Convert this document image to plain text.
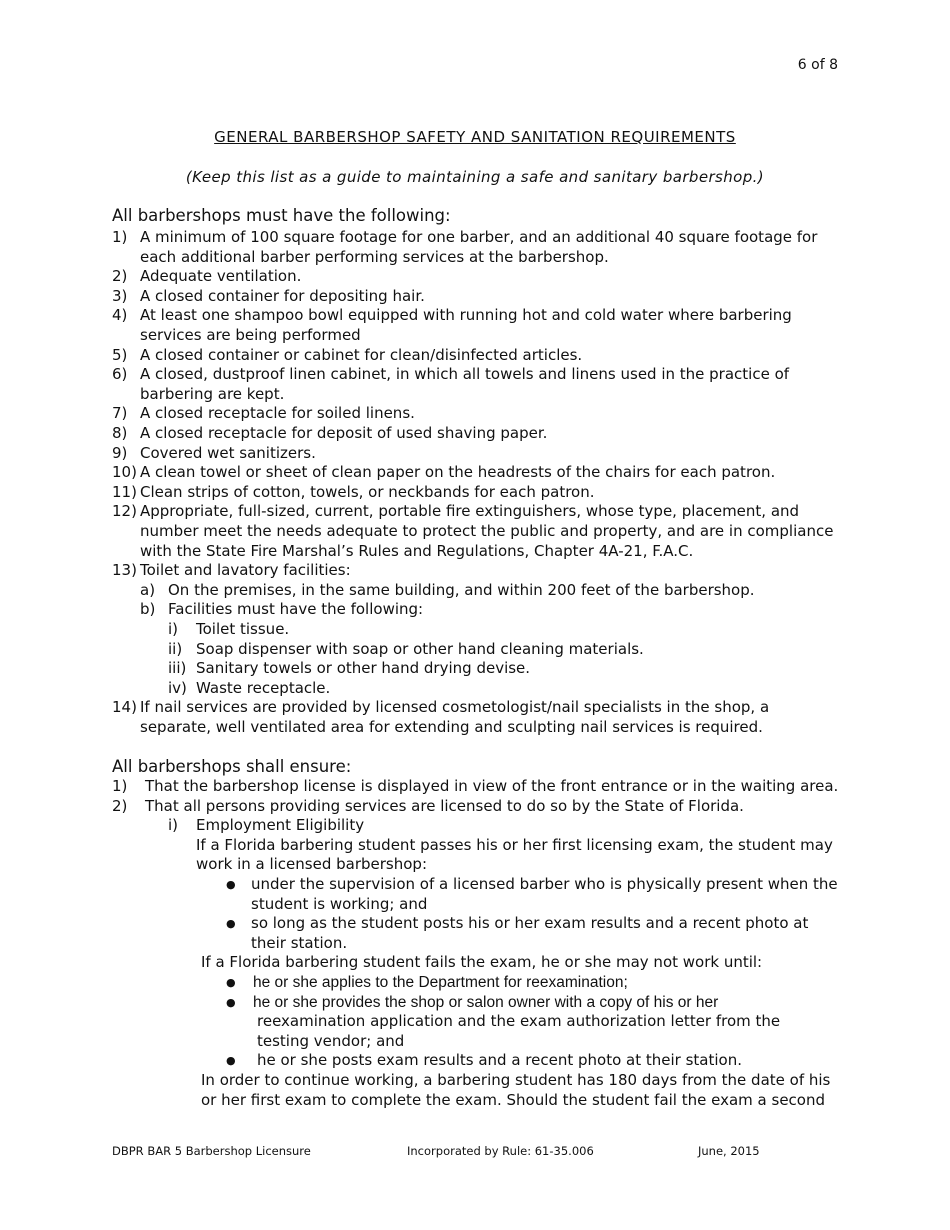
6 of 8
GENERAL BARBERSHOP SAFETY AND SANITATION REQUIREMENTS
(Keep this list as a guide to maintaining a safe and sanitary barbershop.)
All barbershops must have the following:
1) A minimum of 100 square footage for one barber, and an additional 40 square footage for
each additional barber performing services at the barbershop.
2) Adequate ventilation.
3) A closed container for depositing hair.
4) At least one shampoo bowl equipped with running hot and cold water where barbering
services are being performed
5) A closed container or cabinet for clean/disinfected articles.
6) A closed, dustproof linen cabinet, in which all towels and linens used in the practice of
barbering are kept.
7) A closed receptacle for soiled linens.
8) A closed receptacle for deposit of used shaving paper.
9) Covered wet sanitizers.
10) A clean towel or sheet of clean paper on the headrests of the chairs for each patron.
11) Clean strips of cotton, towels, or neckbands for each patron.
12) Appropriate, full-sized, current, portable fire extinguishers, whose type, placement, and
number meet the needs adequate to protect the public and property, and are in compliance
with the State Fire Marshal’s Rules and Regulations, Chapter 4A-21, F.A.C.
13) Toilet and lavatory facilities:
a) On the premises, in the same building, and within 200 feet of the barbershop.
b) Facilities must have the following:
i) Toilet tissue.
ii) Soap dispenser with soap or other hand cleaning materials.
iii) Sanitary towels or other hand drying devise.
iv) Waste receptacle.
14) If nail services are provided by licensed cosmetologist/nail specialists in the shop, a
separate, well ventilated area for extending and sculpting nail services is required.
All barbershops shall ensure:
1) That the barbershop license is displayed in view of the front entrance or in the waiting area.
2) That all persons providing services are licensed to do so by the State of Florida.
i) Employment Eligibility
If a Florida barbering student passes his or her first licensing exam, the student may
work in a licensed barbershop:
● under the supervision of a licensed barber who is physically present when the
student is working; and
● so long as the student posts his or her exam results and a recent photo at
their station.
If a Florida barbering student fails the exam, he or she may not work until:
● he or she applies to the Department for reexamination;
● he or she provides the shop or salon owner with a copy of his or her
reexamination application and the exam authorization letter from the
testing vendor; and
● he or she posts exam results and a recent photo at their station.
In order to continue working, a barbering student has 180 days from the date of his
or her first exam to complete the exam. Should the student fail the exam a second
DBPR BAR 5 Barbershop Licensure	Incorporated by Rule: 61-35.006	June, 2015
